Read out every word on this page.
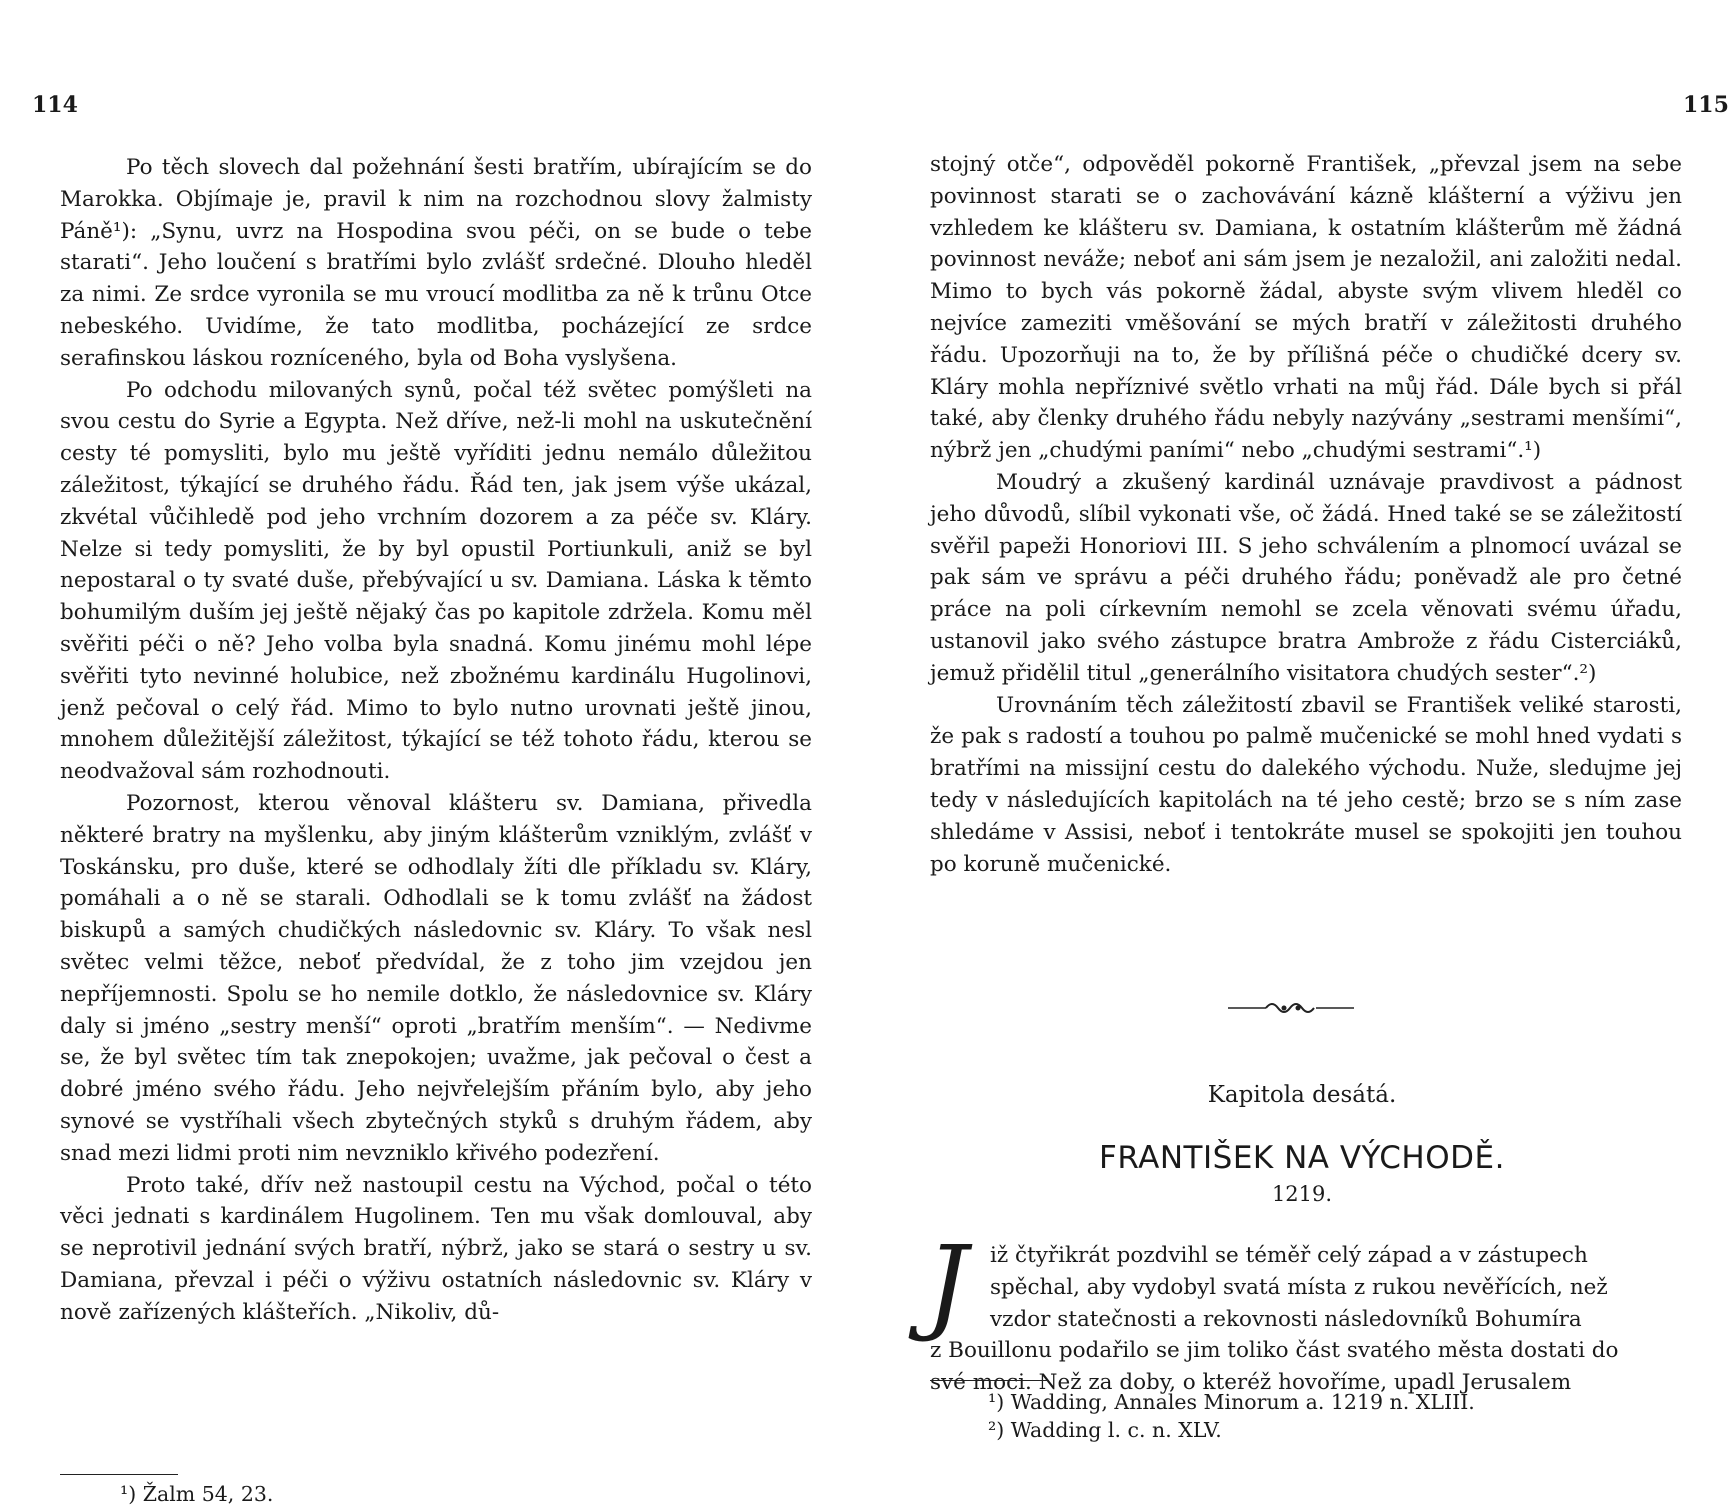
114

Po těch slovech dal požehnání šesti bratřím, ubírajícím se do Marokka. Objímaje je, pravil k nim na rozchodnou slovy žalmisty Páně¹): „Synu, uvrz na Hospodina svou péči, on se bude o tebe starati“. Jeho loučení s bratřími bylo zvlášť srdečné. Dlouho hleděl za nimi. Ze srdce vyronila se mu vroucí modlitba za ně k trůnu Otce nebeského. Uvidíme, že tato modlitba, pocházející ze srdce serafinskou láskou rozníceného, byla od Boha vyslyšena.

Po odchodu milovaných synů, počal též světec pomýšleti na svou cestu do Syrie a Egypta. Než dříve, než-li mohl na uskutečnění cesty té pomysliti, bylo mu ještě vyříditi jednu nemálo důležitou záležitost, týkající se druhého řádu. Řád ten, jak jsem výše ukázal, zkvétal vůčihledě pod jeho vrchním dozorem a za péče sv. Kláry. Nelze si tedy pomysliti, že by byl opustil Portiunkuli, aniž se byl nepostaral o ty svaté duše, přebývající u sv. Damiana. Láska k těmto bohumilým duším jej ještě nějaký čas po kapitole zdržela. Komu měl svěřiti péči o ně? Jeho volba byla snadná. Komu jinému mohl lépe svěřiti tyto nevinné holubice, než zbožnému kardinálu Hugolinovi, jenž pečoval o celý řád. Mimo to bylo nutno urovnati ještě jinou, mnohem důležitější záležitost, týkající se též tohoto řádu, kterou se neodvažoval sám rozhodnouti.

Pozornost, kterou věnoval klášteru sv. Damiana, přivedla některé bratry na myšlenku, aby jiným klášterům vzniklým, zvlášť v Toskánsku, pro duše, které se odhodlaly žíti dle příkladu sv. Kláry, pomáhali a o ně se starali. Odhodlali se k tomu zvlášť na žádost biskupů a samých chudičkých následovnic sv. Kláry. To však nesl světec velmi těžce, neboť předvídal, že z toho jim vzejdou jen nepříjemnosti. Spolu se ho nemile dotklo, že následovnice sv. Kláry daly si jméno „sestry menší“ oproti „bratřím menším“. — Nedivme se, že byl světec tím tak znepokojen; uvažme, jak pečoval o čest a dobré jméno svého řádu. Jeho nejvřelejším přáním bylo, aby jeho synové se vystříhali všech zbytečných styků s druhým řádem, aby snad mezi lidmi proti nim nevzniklo křivého podezření.

Proto také, dřív než nastoupil cestu na Východ, počal o této věci jednati s kardinálem Hugolinem. Ten mu však domlouval, aby se neprotivil jednání svých bratří, nýbrž, jako se stará o sestry u sv. Damiana, převzal i péči o výživu ostatních následovnic sv. Kláry v nově zařízených klášteřích. „Nikoliv, dů-

¹) Žalm 54, 23.
115

stojný otče“, odpověděl pokorně František, „převzal jsem na sebe povinnost starati se o zachovávání kázně klášterní a výživu jen vzhledem ke klášteru sv. Damiana, k ostatním klášterům mě žádná povinnost neváže; neboť ani sám jsem je nezaložil, ani založiti nedal. Mimo to bych vás pokorně žádal, abyste svým vlivem hleděl co nejvíce zameziti vměšování se mých bratří v záležitosti druhého řádu. Upozorňuji na to, že by přílišná péče o chudičké dcery sv. Kláry mohla nepříznivé světlo vrhati na můj řád. Dále bych si přál také, aby členky druhého řádu nebyly nazývány „sestrami menšími“, nýbrž jen „chudými paními“ nebo „chudými sestrami“.¹)

Moudrý a zkušený kardinál uznávaje pravdivost a pádnost jeho důvodů, slíbil vykonati vše, oč žádá. Hned také se se záležitostí svěřil papeži Honoriovi III. S jeho schválením a plnomocí uvázal se pak sám ve správu a péči druhého řádu; poněvadž ale pro četné práce na poli církevním nemohl se zcela věnovati svému úřadu, ustanovil jako svého zástupce bratra Ambrože z řádu Cisterciáků, jemuž přidělil titul „generálního visitatora chudých sester“.²)

Urovnáním těch záležitostí zbavil se František veliké starosti, že pak s radostí a touhou po palmě mučenické se mohl hned vydati s bratřími na missijní cestu do dalekého východu. Nuže, sledujme jej tedy v následujících kapitolách na té jeho cestě; brzo se s ním zase shledáme v Assisi, neboť i tentokráte musel se spokojiti jen touhou po koruně mučenické.

Kapitola desátá.
FRANTIŠEK NA VÝCHODĚ.
1219.
J	iž čtyřikrát pozdvihl se téměř celý západ a v zástupech
spěchal, aby vydobyl svatá místa z rukou nevěřících, než
vzdor statečnosti a rekovnosti následovníků Bohumíra
z Bouillonu podařilo se jim toliko část svatého města dostati do
své moci. Než za doby, o kteréž hovoříme, upadl Jerusalem
¹) Wadding, Annales Minorum a. 1219 n. XLIII.
²) Wadding l. c. n. XLV.
